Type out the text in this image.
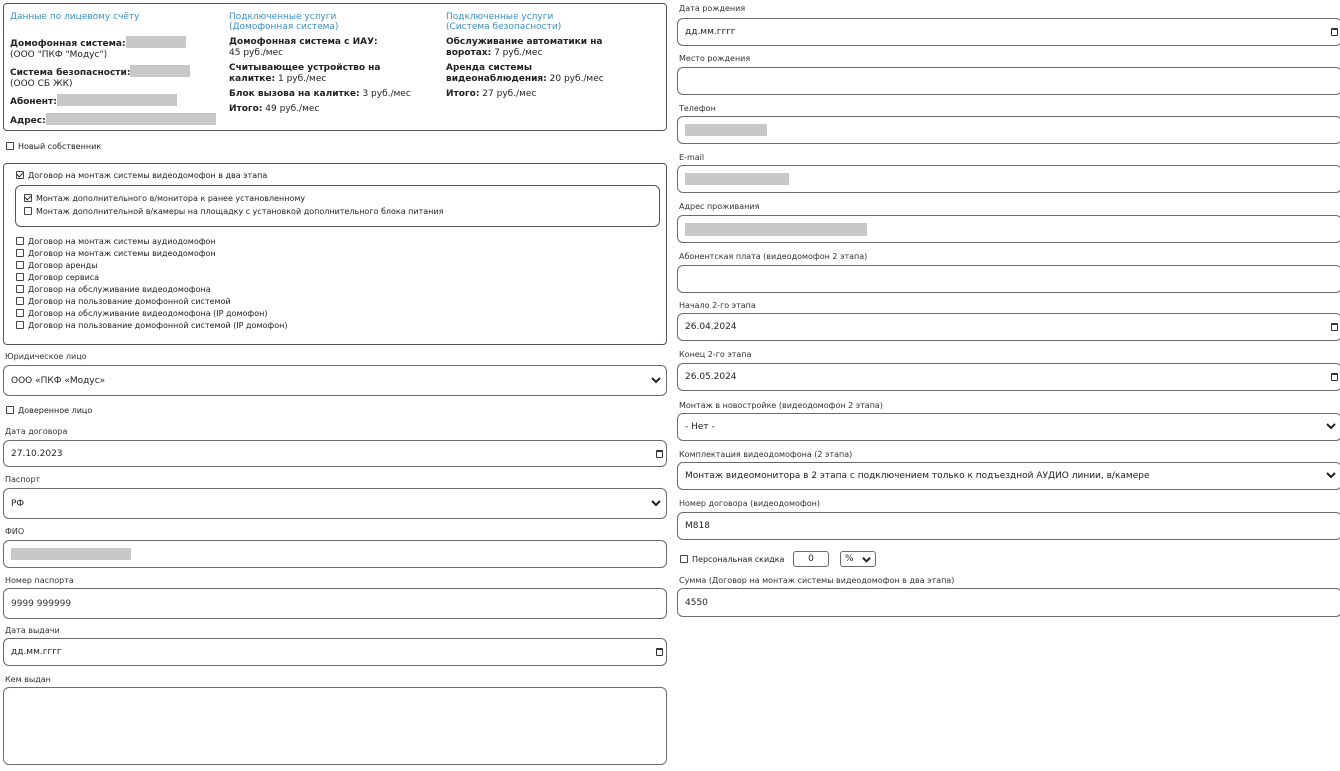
Данные по лицевому счёту
Домофонная система:
(ООО "ПКФ "Модус")
Система безопасности:
(ООО СБ ЖК)
Абонент:
Адрес:
Подключенные услуги
(Домофонная система)
Домофонная система с ИАУ:
45 руб./мес
Считывающее устройство на
калитке: 1 руб./мес
Блок вызова на калитке: 3 руб./мес
Итого: 49 руб./мес
Подключенные услуги
(Система безопасности)
Обслуживание автоматики на
воротах: 7 руб./мес
Аренда системы
видеонаблюдения: 20 руб./мес
Итого: 27 руб./мес
Новый собственник
Договор на монтаж системы видеодомофон в два этапа
Монтаж дополнительного в/монитора к ранее установленному
Монтаж дополнительной в/камеры на площадку с установкой дополнительного блока питания
Договор на монтаж системы аудиодомофон
Договор на монтаж системы видеодомофон
Договор аренды
Договор сервиса
Договор на обслуживание видеодомофона
Договор на пользование домофонной системой
Договор на обслуживание видеодомофона (IP домофон)
Договор на пользование домофонной системой (IP домофон)
Юридическое лицо
ООО «ПКФ «Модус»
Доверенное лицо
Дата договора
27.10.2023
Паспорт
РФ
ФИО
Номер паспорта
9999 999999
Дата выдачи
дд.мм.гггг
Кем выдан
Дата рождения
дд.мм.гггг
Место рождения
Телефон
E-mail
Адрес проживания
Абонентская плата (видеодомофон 2 этапа)
Начало 2-го этапа
26.04.2024
Конец 2-го этапа
26.05.2024
Монтаж в новостройке (видеодомофон 2 этапа)
- Нет -
Комплектация видеодомофона (2 этапа)
Монтаж видеомонитора в 2 этапа с подключением только к подъездной АУДИО линии, в/камере
Номер договора (видеодомофон)
М818
Персональная скидка	0	%
Сумма (Договор на монтаж системы видеодомофон в два этапа)
4550
